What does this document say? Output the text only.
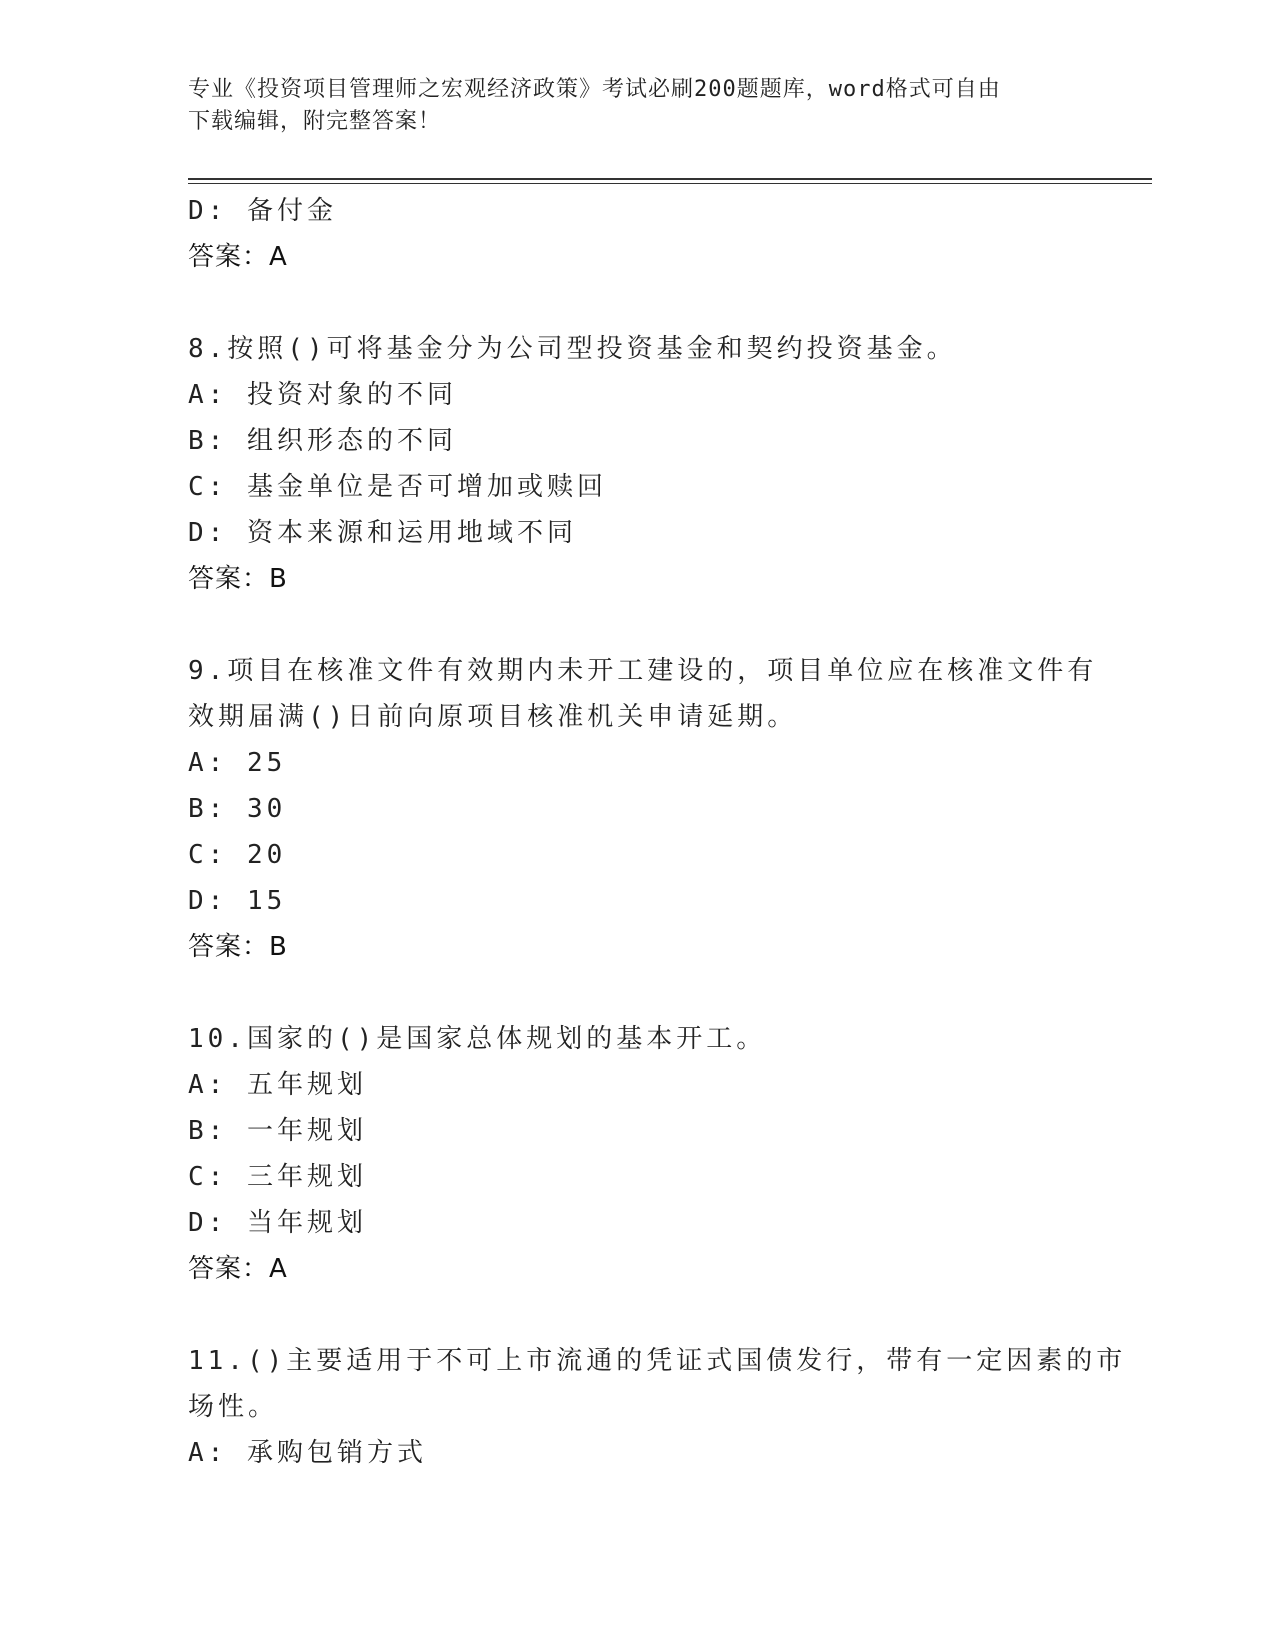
专业《投资项目管理师之宏观经济政策》考试必刷200题题库，word格式可自由
下载编辑，附完整答案！
D: 备付金
答案：A
8.按照()可将基金分为公司型投资基金和契约投资基金。
A: 投资对象的不同
B: 组织形态的不同
C: 基金单位是否可增加或赎回
D: 资本来源和运用地域不同
答案：B
9.项目在核准文件有效期内未开工建设的，项目单位应在核准文件有
效期届满()日前向原项目核准机关申请延期。
A: 25
B: 30
C: 20
D: 15
答案：B
10.国家的()是国家总体规划的基本开工。
A: 五年规划
B: 一年规划
C: 三年规划
D: 当年规划
答案：A
11.()主要适用于不可上市流通的凭证式国债发行，带有一定因素的市
场性。
A: 承购包销方式
